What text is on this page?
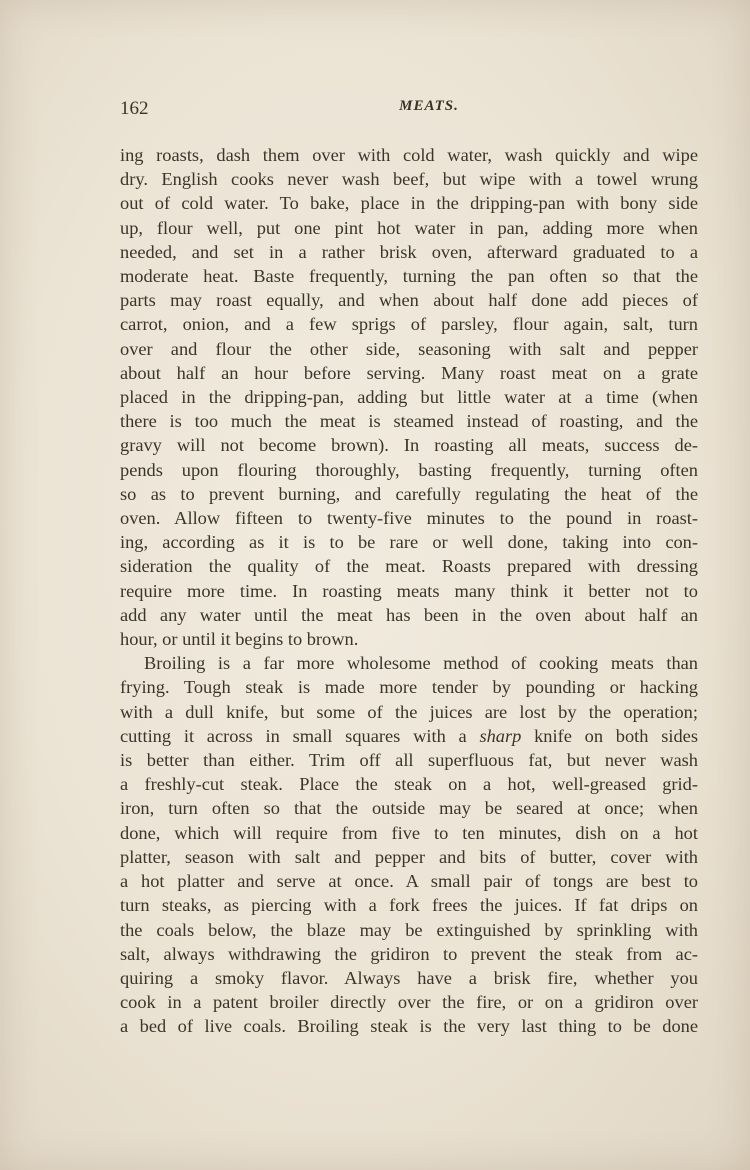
162	MEATS.
ing roasts, dash them over with cold water, wash quickly and wipe
dry. English cooks never wash beef, but wipe with a towel wrung
out of cold water. To bake, place in the dripping-pan with bony side
up, flour well, put one pint hot water in pan, adding more when
needed, and set in a rather brisk oven, afterward graduated to a
moderate heat. Baste frequently, turning the pan often so that the
parts may roast equally, and when about half done add pieces of
carrot, onion, and a few sprigs of parsley, flour again, salt, turn
over and flour the other side, seasoning with salt and pepper
about half an hour before serving. Many roast meat on a grate
placed in the dripping-pan, adding but little water at a time (when
there is too much the meat is steamed instead of roasting, and the
gravy will not become brown). In roasting all meats, success de-
pends upon flouring thoroughly, basting frequently, turning often
so as to prevent burning, and carefully regulating the heat of the
oven. Allow fifteen to twenty-five minutes to the pound in roast-
ing, according as it is to be rare or well done, taking into con-
sideration the quality of the meat. Roasts prepared with dressing
require more time. In roasting meats many think it better not to
add any water until the meat has been in the oven about half an
hour, or until it begins to brown.
Broiling is a far more wholesome method of cooking meats than
frying. Tough steak is made more tender by pounding or hacking
with a dull knife, but some of the juices are lost by the operation;
cutting it across in small squares with a sharp knife on both sides
is better than either. Trim off all superfluous fat, but never wash
a freshly-cut steak. Place the steak on a hot, well-greased grid-
iron, turn often so that the outside may be seared at once; when
done, which will require from five to ten minutes, dish on a hot
platter, season with salt and pepper and bits of butter, cover with
a hot platter and serve at once. A small pair of tongs are best to
turn steaks, as piercing with a fork frees the juices. If fat drips on
the coals below, the blaze may be extinguished by sprinkling with
salt, always withdrawing the gridiron to prevent the steak from ac-
quiring a smoky flavor. Always have a brisk fire, whether you
cook in a patent broiler directly over the fire, or on a gridiron over
a bed of live coals. Broiling steak is the very last thing to be done
